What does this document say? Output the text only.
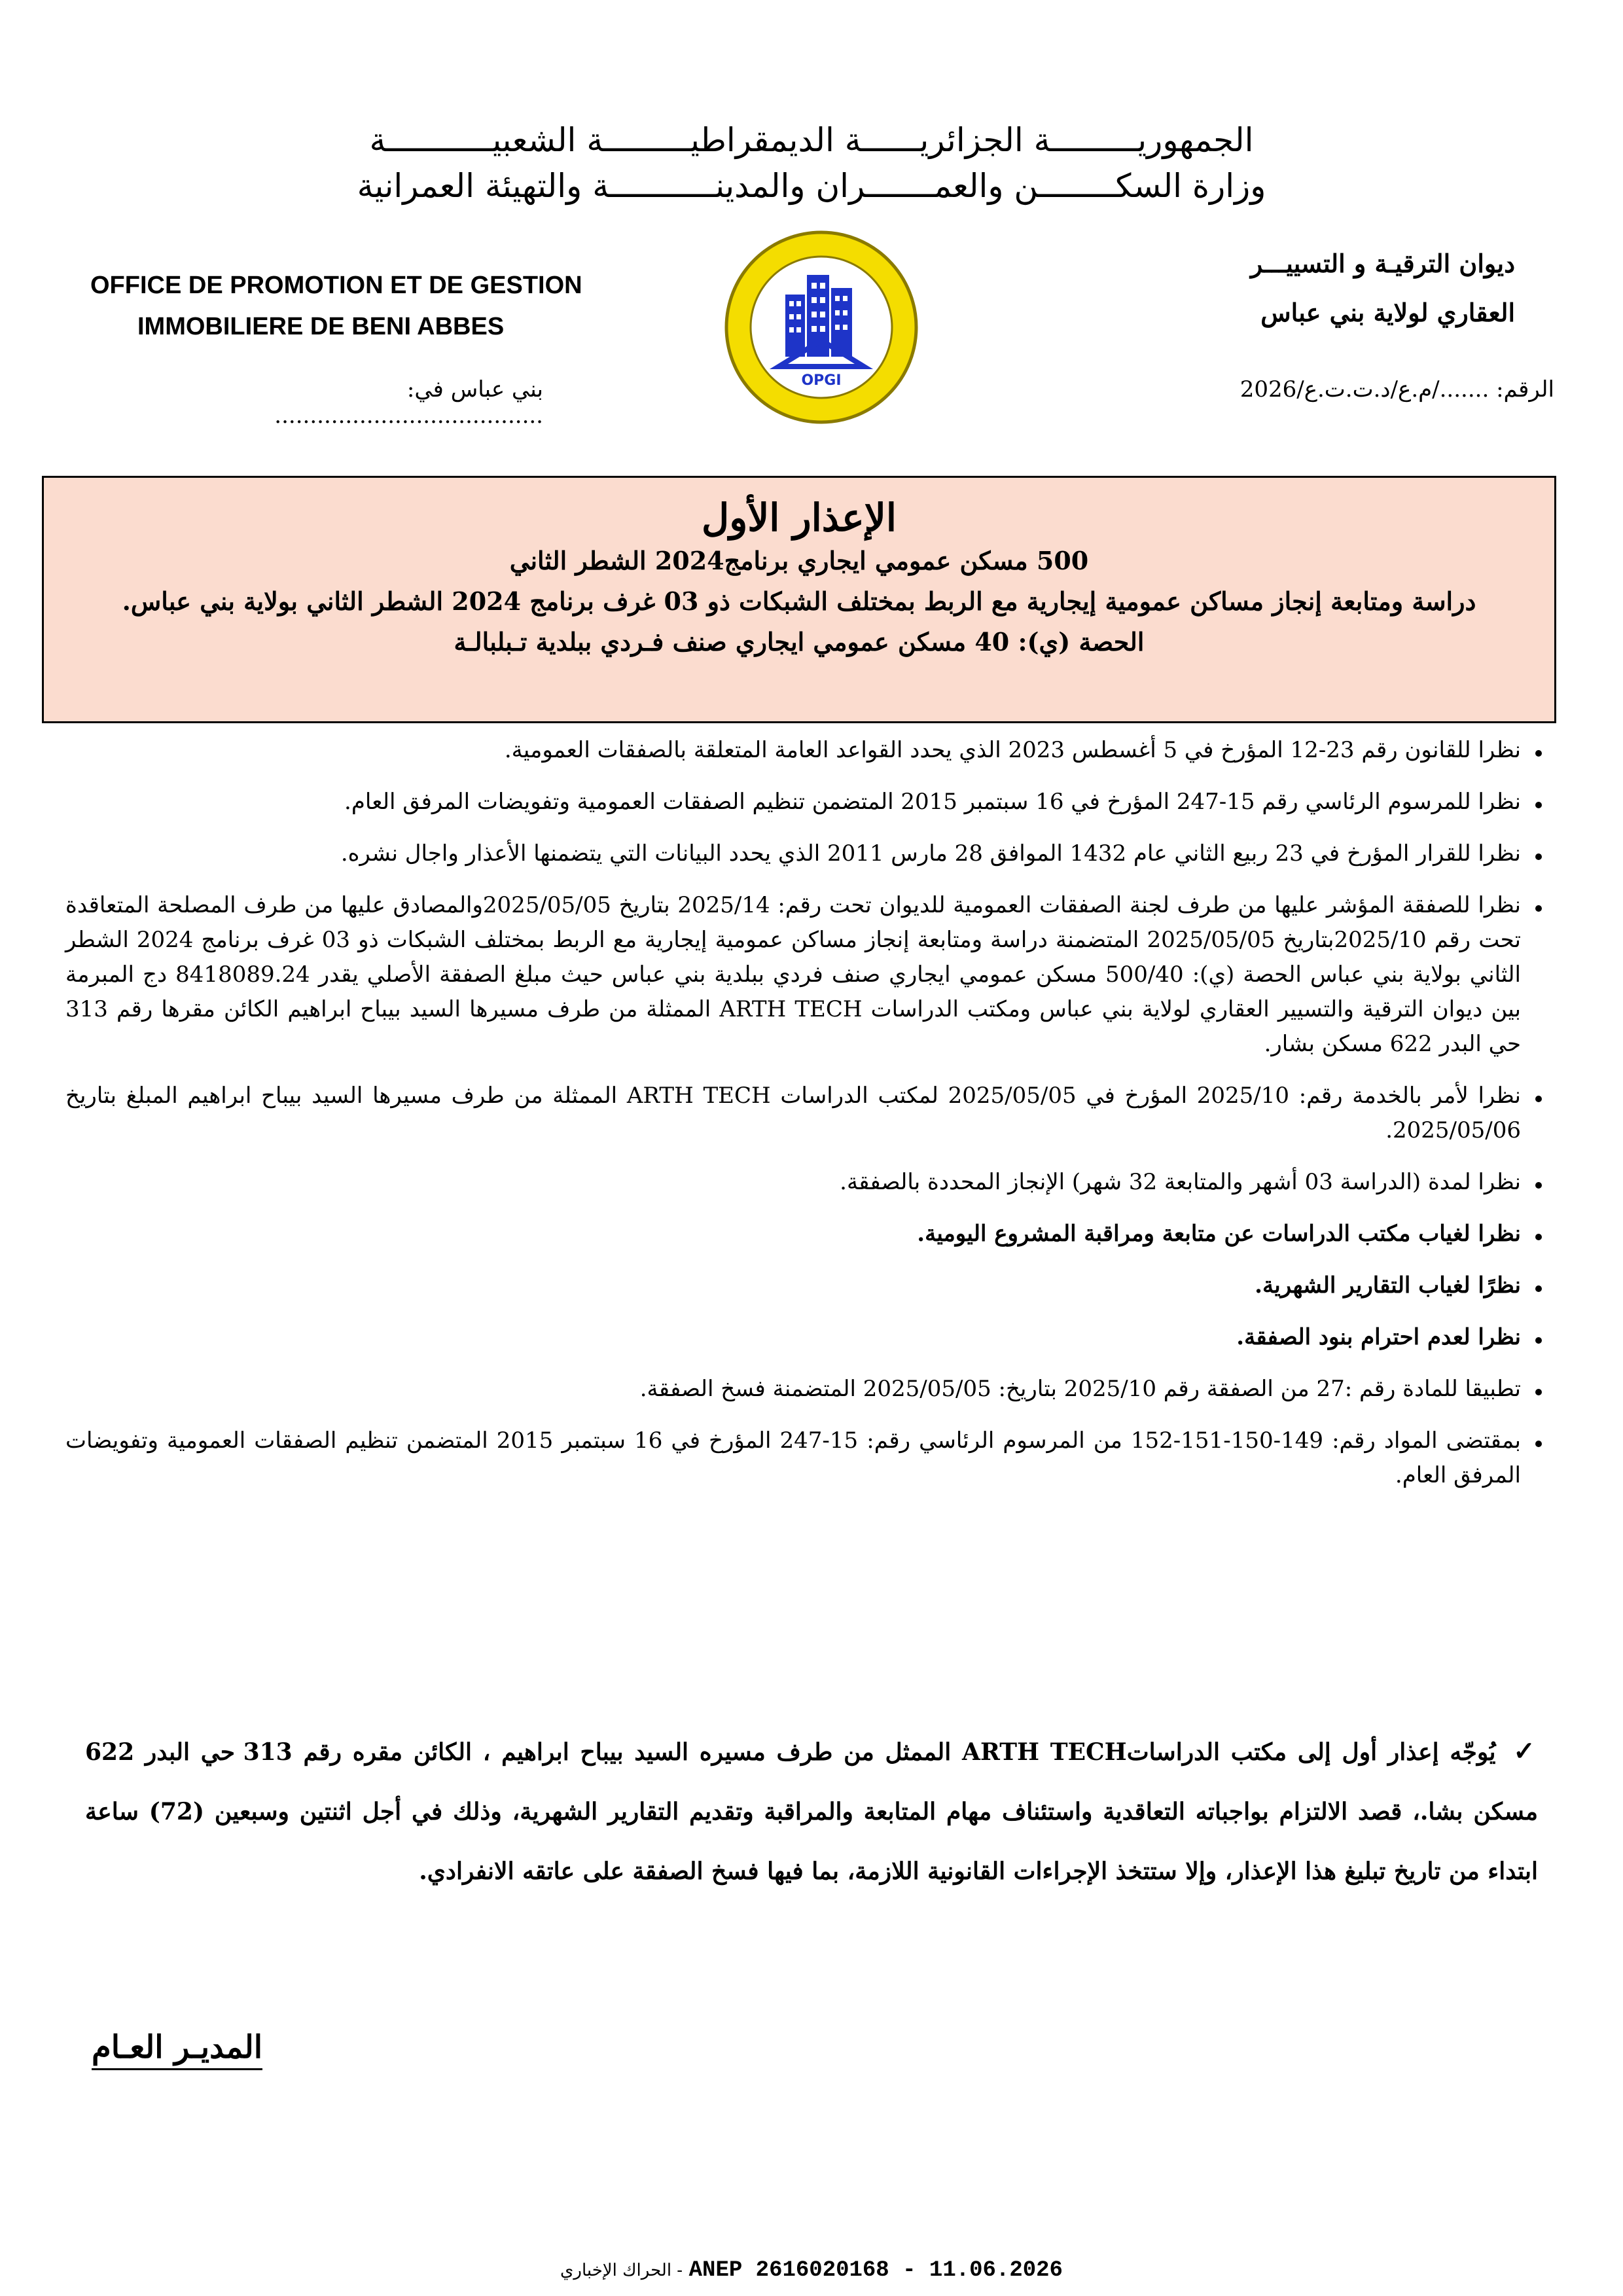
الجمهوريـــــــــة الجزائريــــــة الديمقراطيـــــــــة الشعبيـــــــــــة
وزارة السكــــــــن والعمـــــــران والمدينـــــــــــة والتهيئة العمرانية
OFFICE DE PROMOTION ET DE GESTION
IMMOBILIERE DE BENI ABBES
ديوان الترقيـة و التسييـــر
العقاري لولاية بني عباس
بني عباس في: ......................................
الرقم: ......./م.ع/د.ت.ت.ع/2026
OPGI
الإعذار الأول
500 مسكن عمومي ايجاري برنامج2024 الشطر الثاني
دراسة ومتابعة إنجاز مساكن عمومية إيجارية مع الربط بمختلف الشبكات ذو 03 غرف برنامج 2024 الشطر الثاني بولاية بني عباس.
الحصة (ي): 40 مسكن عمومي ايجاري صنف فـردي ببلدية تـبلبالـة
نظرا للقانون رقم 23-12 المؤرخ في 5 أغسطس 2023 الذي يحدد القواعد العامة المتعلقة بالصفقات العمومية.
نظرا للمرسوم الرئاسي رقم 15-247 المؤرخ في 16 سبتمبر 2015 المتضمن تنظيم الصفقات العمومية وتفويضات المرفق العام.
نظرا للقرار المؤرخ في 23 ربيع الثاني عام 1432 الموافق 28 مارس 2011 الذي يحدد البيانات التي يتضمنها الأعذار واجال نشره.
نظرا للصفقة المؤشر عليها من طرف لجنة الصفقات العمومية للديوان تحت رقم: 2025/14 بتاريخ 2025/05/05والمصادق عليها من طرف المصلحة المتعاقدة تحت رقم 2025/10بتاريخ 2025/05/05 المتضمنة دراسة ومتابعة إنجاز مساكن عمومية إيجارية مع الربط بمختلف الشبكات ذو 03 غرف برنامج 2024 الشطر الثاني بولاية بني عباس الحصة (ي): 500/40 مسكن عمومي ايجاري صنف فردي ببلدية بني عباس حيث مبلغ الصفقة الأصلي يقدر 8418089.24 دج المبرمة بين ديوان الترقية والتسيير العقاري لولاية بني عباس ومكتب الدراسات ARTH TECH الممثلة من طرف مسيرها السيد بيباح ابراهيم الكائن مقرها رقم 313 حي البدر 622 مسكن بشار.
نظرا لأمر بالخدمة رقم: 2025/10 المؤرخ في 2025/05/05 لمكتب الدراسات ARTH TECH الممثلة من طرف مسيرها السيد بيباح ابراهيم المبلغ بتاريخ 2025/05/06.
نظرا لمدة (الدراسة 03 أشهر والمتابعة 32 شهر) الإنجاز المحددة بالصفقة.
نظرا لغياب مكتب الدراسات عن متابعة ومراقبة المشروع اليومية.
نظرًا لغياب التقارير الشهرية.
نظرا لعدم احترام بنود الصفقة.
تطبيقا للمادة رقم :27 من الصفقة رقم 2025/10 بتاريخ: 2025/05/05 المتضمنة فسخ الصفقة.
بمقتضى المواد رقم: 149-150-151-152 من المرسوم الرئاسي رقم: 15-247 المؤرخ في 16 سبتمبر 2015 المتضمن تنظيم الصفقات العمومية وتفويضات المرفق العام.
✓ يُوجّه إعذار أول إلى مكتب الدراساتARTH TECH الممثل من طرف مسيره السيد بيباح ابراهيم ، الكائن مقره رقم 313 حي البدر 622 مسكن بشا.، قصد الالتزام بواجباته التعاقدية واستئناف مهام المتابعة والمراقبة وتقديم التقارير الشهرية، وذلك في أجل اثنتين وسبعين (72) ساعة ابتداء من تاريخ تبليغ هذا الإعذار، وإلا ستتخذ الإجراءات القانونية اللازمة، بما فيها فسخ الصفقة على عاتقه الانفرادي.
المديـر العـام
الحراك الإخباري - ANEP 2616020168 - 11.06.2026
